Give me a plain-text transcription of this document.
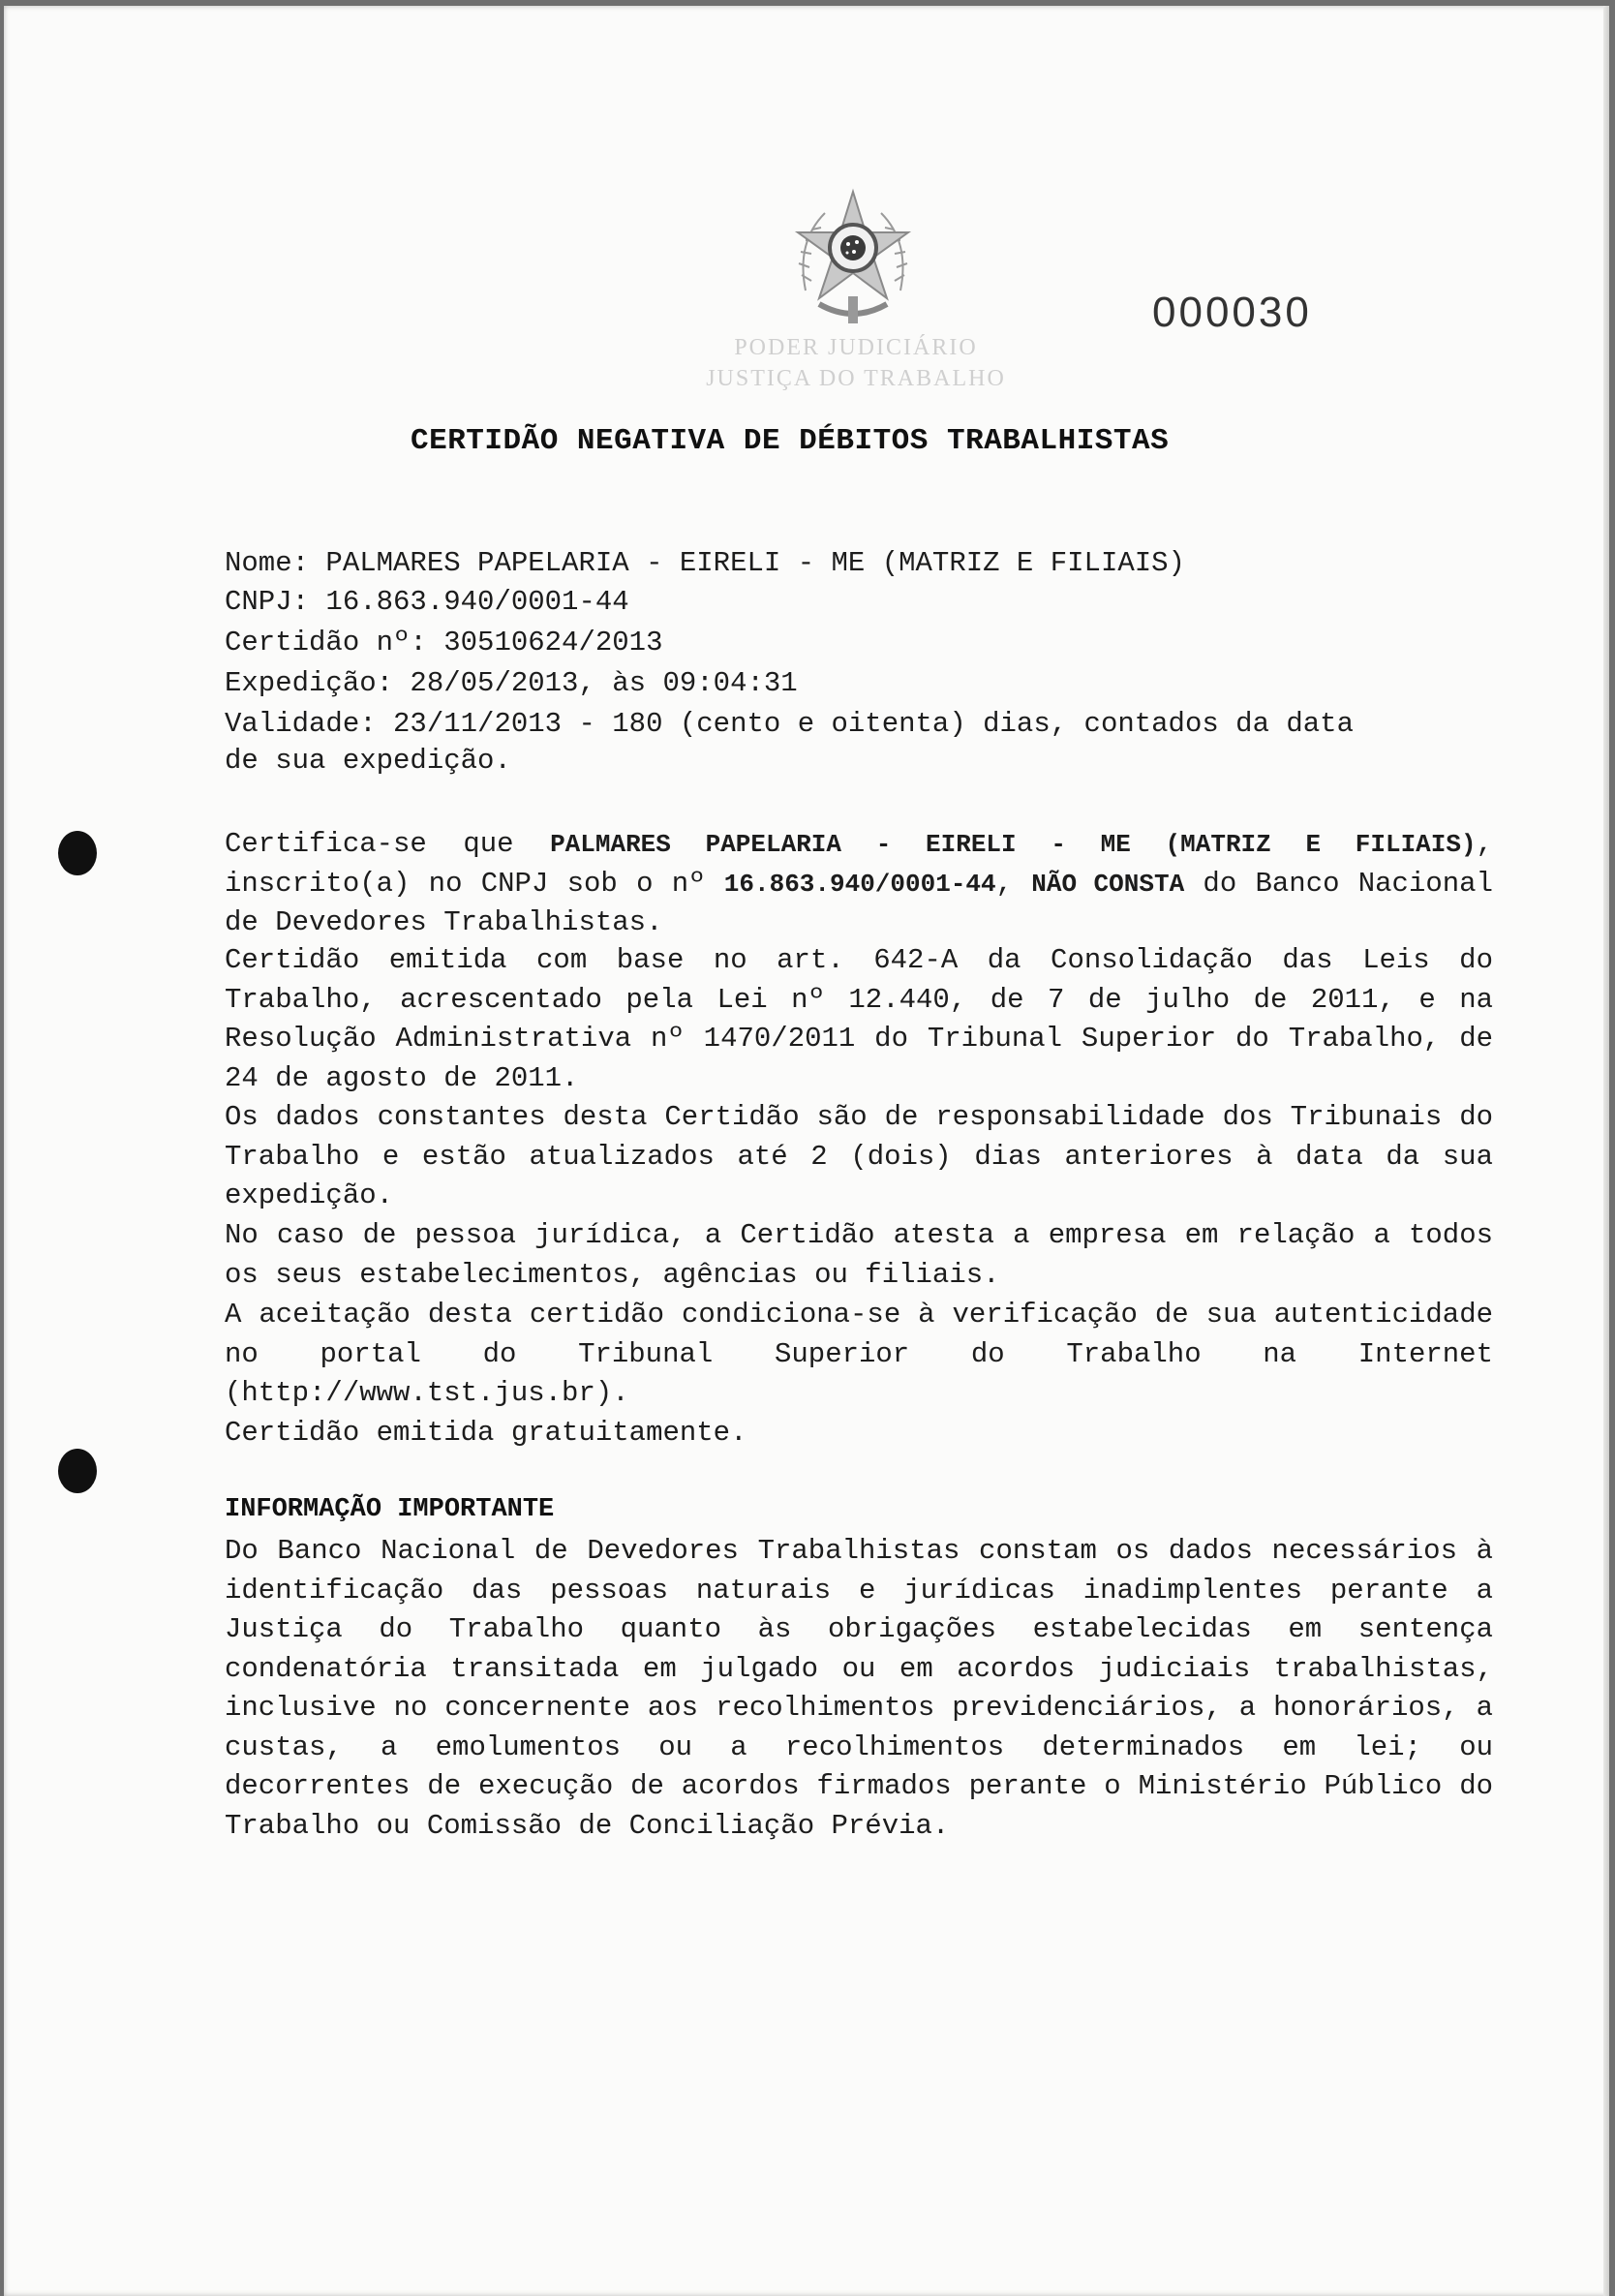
PODER JUDICIÁRIO
JUSTIÇA DO TRABALHO
000030
CERTIDÃO NEGATIVA DE DÉBITOS TRABALHISTAS
Nome: PALMARES PAPELARIA - EIRELI - ME (MATRIZ E FILIAIS)
CNPJ: 16.863.940/0001-44
Certidão nº: 30510624/2013
Expedição: 28/05/2013, às 09:04:31
Validade: 23/11/2013 - 180 (cento e oitenta) dias, contados da data
de sua expedição.
Certifica-se que PALMARES PAPELARIA - EIRELI - ME (MATRIZ E FILIAIS), inscrito(a) no CNPJ sob o nº 16.863.940/0001-44, NÃO CONSTA do Banco Nacional de Devedores Trabalhistas.
Certidão emitida com base no art. 642-A da Consolidação das Leis do Trabalho, acrescentado pela Lei nº 12.440, de 7 de julho de 2011, e na Resolução Administrativa nº 1470/2011 do Tribunal Superior do Trabalho, de 24 de agosto de 2011.
Os dados constantes desta Certidão são de responsabilidade dos Tribunais do Trabalho e estão atualizados até 2 (dois) dias anteriores à data da sua expedição.
No caso de pessoa jurídica, a Certidão atesta a empresa em relação a todos os seus estabelecimentos, agências ou filiais.
A aceitação desta certidão condiciona-se à verificação de sua autenticidade no portal do Tribunal Superior do Trabalho na Internet (http://www.tst.jus.br).
Certidão emitida gratuitamente.
INFORMAÇÃO IMPORTANTE
Do Banco Nacional de Devedores Trabalhistas constam os dados necessários à identificação das pessoas naturais e jurídicas inadimplentes perante a Justiça do Trabalho quanto às obrigações estabelecidas em sentença condenatória transitada em julgado ou em acordos judiciais trabalhistas, inclusive no concernente aos recolhimentos previdenciários, a honorários, a custas, a emolumentos ou a recolhimentos determinados em lei; ou decorrentes de execução de acordos firmados perante o Ministério Público do Trabalho ou Comissão de Conciliação Prévia.
